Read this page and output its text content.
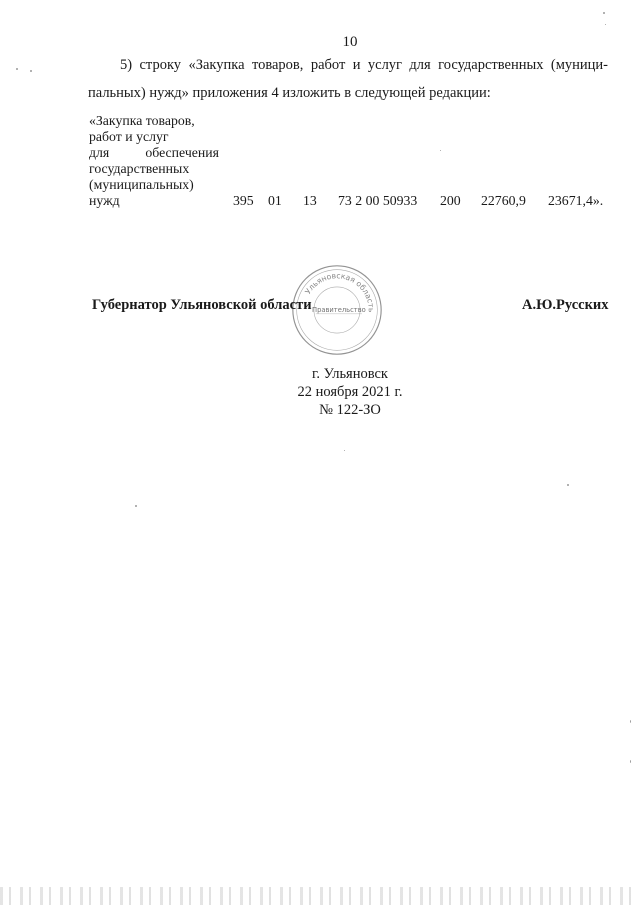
10
5) строку «Закупка товаров, работ и услуг для государственных (муници-
пальных) нужд» приложения 4 изложить в следующей редакции:
«Закупка товаров,
работ и услуг
для	обеспечения
государственных
(муниципальных)
нужд	395 01 13 73 2 00 50933 200 22760,9 23671,4».
Ульяновская область
Правительство
Губернатор Ульяновской области	А.Ю.Русских
г. Ульяновск
22 ноября 2021 г.
№ 122-ЗО
